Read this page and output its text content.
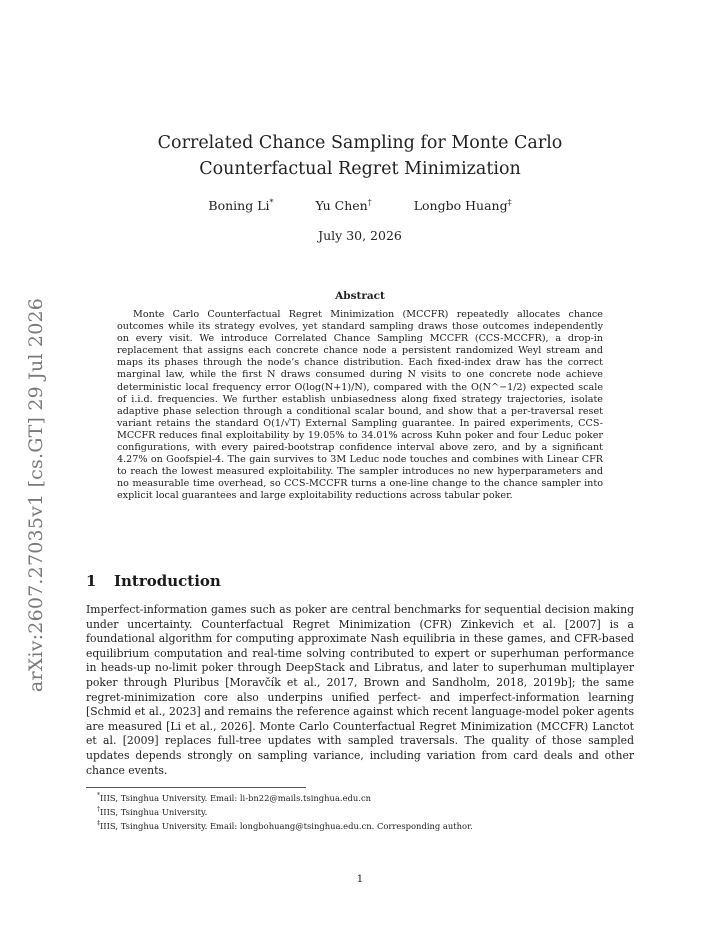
arXiv:2607.27035v1 [cs.GT] 29 Jul 2026
Correlated Chance Sampling for Monte Carlo Counterfactual Regret Minimization
Boning Li*	Yu Chen†	Longbo Huang‡
July 30, 2026
Abstract

Monte Carlo Counterfactual Regret Minimization (MCCFR) repeatedly allocates chance outcomes while its strategy evolves, yet standard sampling draws those outcomes independently on every visit. We introduce Correlated Chance Sampling MCCFR (CCS-MCCFR), a drop-in replacement that assigns each concrete chance node a persistent randomized Weyl stream and maps its phases through the node’s chance distribution. Each fixed-index draw has the correct marginal law, while the first N draws consumed during N visits to one concrete node achieve deterministic local frequency error O(log(N+1)/N), compared with the O(N^−1/2) expected scale of i.i.d. frequencies. We further establish unbiasedness along fixed strategy trajectories, isolate adaptive phase selection through a conditional scalar bound, and show that a per-traversal reset variant retains the standard O(1/√T) External Sampling guarantee. In paired experiments, CCS-MCCFR reduces final exploitability by 19.05% to 34.01% across Kuhn poker and four Leduc poker configurations, with every paired-bootstrap confidence interval above zero, and by a significant 4.27% on Goofspiel-4. The gain survives to 3M Leduc node touches and combines with Linear CFR to reach the lowest measured exploitability. The sampler introduces no new hyperparameters and no measurable time overhead, so CCS-MCCFR turns a one-line change to the chance sampler into explicit local guarantees and large exploitability reductions across tabular poker.

1 Introduction

Imperfect-information games such as poker are central benchmarks for sequential decision making under uncertainty. Counterfactual Regret Minimization (CFR) Zinkevich et al. [2007] is a foundational algorithm for computing approximate Nash equilibria in these games, and CFR-based equilibrium computation and real-time solving contributed to expert or superhuman performance in heads-up no-limit poker through DeepStack and Libratus, and later to superhuman multiplayer poker through Pluribus [Moravčík et al., 2017, Brown and Sandholm, 2018, 2019b]; the same regret-minimization core also underpins unified perfect- and imperfect-information learning [Schmid et al., 2023] and remains the reference against which recent language-model poker agents are measured [Li et al., 2026]. Monte Carlo Counterfactual Regret Minimization (MCCFR) Lanctot et al. [2009] replaces full-tree updates with sampled traversals. The quality of those sampled updates depends strongly on sampling variance, including variation from card deals and other chance events.

*IIIS, Tsinghua University. Email: li-bn22@mails.tsinghua.edu.cn
†IIIS, Tsinghua University.
‡IIIS, Tsinghua University. Email: longbohuang@tsinghua.edu.cn. Corresponding author.
1
